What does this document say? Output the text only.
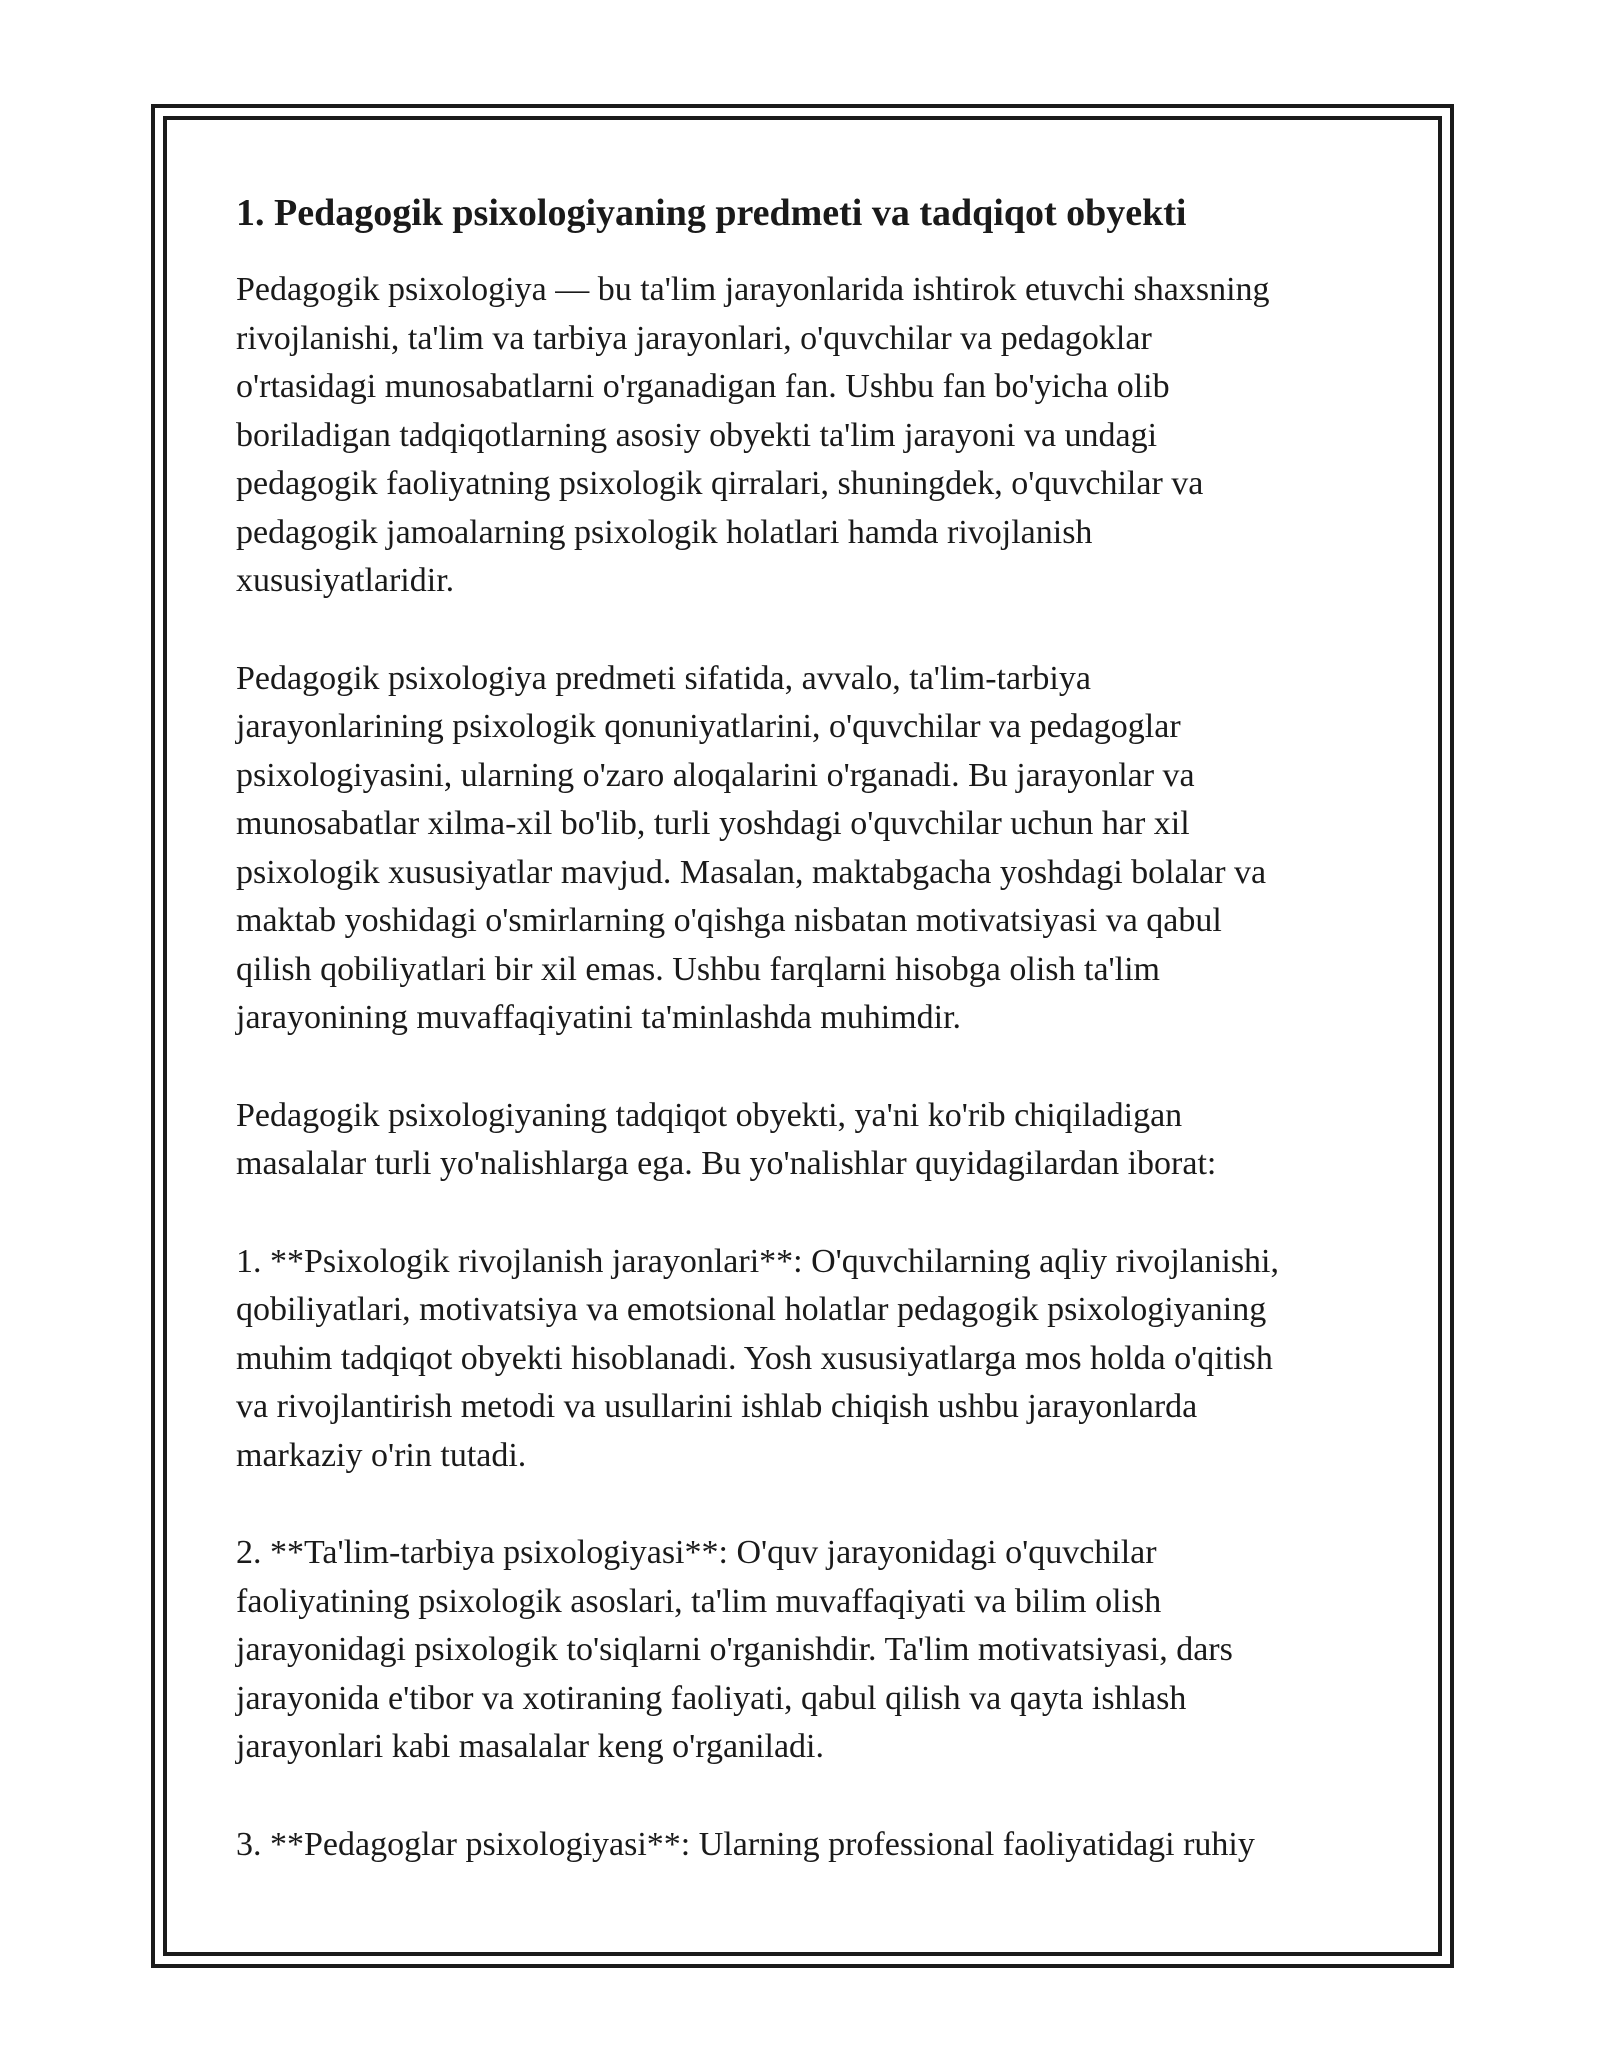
1. Pedagogik psixologiyaning predmeti va tadqiqot obyekti

Pedagogik psixologiya — bu ta'lim jarayonlarida ishtirok etuvchi shaxsning
rivojlanishi, ta'lim va tarbiya jarayonlari, o'quvchilar va pedagoklar
o'rtasidagi munosabatlarni o'rganadigan fan. Ushbu fan bo'yicha olib
boriladigan tadqiqotlarning asosiy obyekti ta'lim jarayoni va undagi
pedagogik faoliyatning psixologik qirralari, shuningdek, o'quvchilar va
pedagogik jamoalarning psixologik holatlari hamda rivojlanish
xususiyatlaridir.

Pedagogik psixologiya predmeti sifatida, avvalo, ta'lim-tarbiya
jarayonlarining psixologik qonuniyatlarini, o'quvchilar va pedagoglar
psixologiyasini, ularning o'zaro aloqalarini o'rganadi. Bu jarayonlar va
munosabatlar xilma-xil bo'lib, turli yoshdagi o'quvchilar uchun har xil
psixologik xususiyatlar mavjud. Masalan, maktabgacha yoshdagi bolalar va
maktab yoshidagi o'smirlarning o'qishga nisbatan motivatsiyasi va qabul
qilish qobiliyatlari bir xil emas. Ushbu farqlarni hisobga olish ta'lim
jarayonining muvaffaqiyatini ta'minlashda muhimdir.

Pedagogik psixologiyaning tadqiqot obyekti, ya'ni ko'rib chiqiladigan
masalalar turli yo'nalishlarga ega. Bu yo'nalishlar quyidagilardan iborat:

1. **Psixologik rivojlanish jarayonlari**: O'quvchilarning aqliy rivojlanishi,
qobiliyatlari, motivatsiya va emotsional holatlar pedagogik psixologiyaning
muhim tadqiqot obyekti hisoblanadi. Yosh xususiyatlarga mos holda o'qitish
va rivojlantirish metodi va usullarini ishlab chiqish ushbu jarayonlarda
markaziy o'rin tutadi.

2. **Ta'lim-tarbiya psixologiyasi**: O'quv jarayonidagi o'quvchilar
faoliyatining psixologik asoslari, ta'lim muvaffaqiyati va bilim olish
jarayonidagi psixologik to'siqlarni o'rganishdir. Ta'lim motivatsiyasi, dars
jarayonida e'tibor va xotiraning faoliyati, qabul qilish va qayta ishlash
jarayonlari kabi masalalar keng o'rganiladi.

3. **Pedagoglar psixologiyasi**: Ularning professional faoliyatidagi ruhiy
